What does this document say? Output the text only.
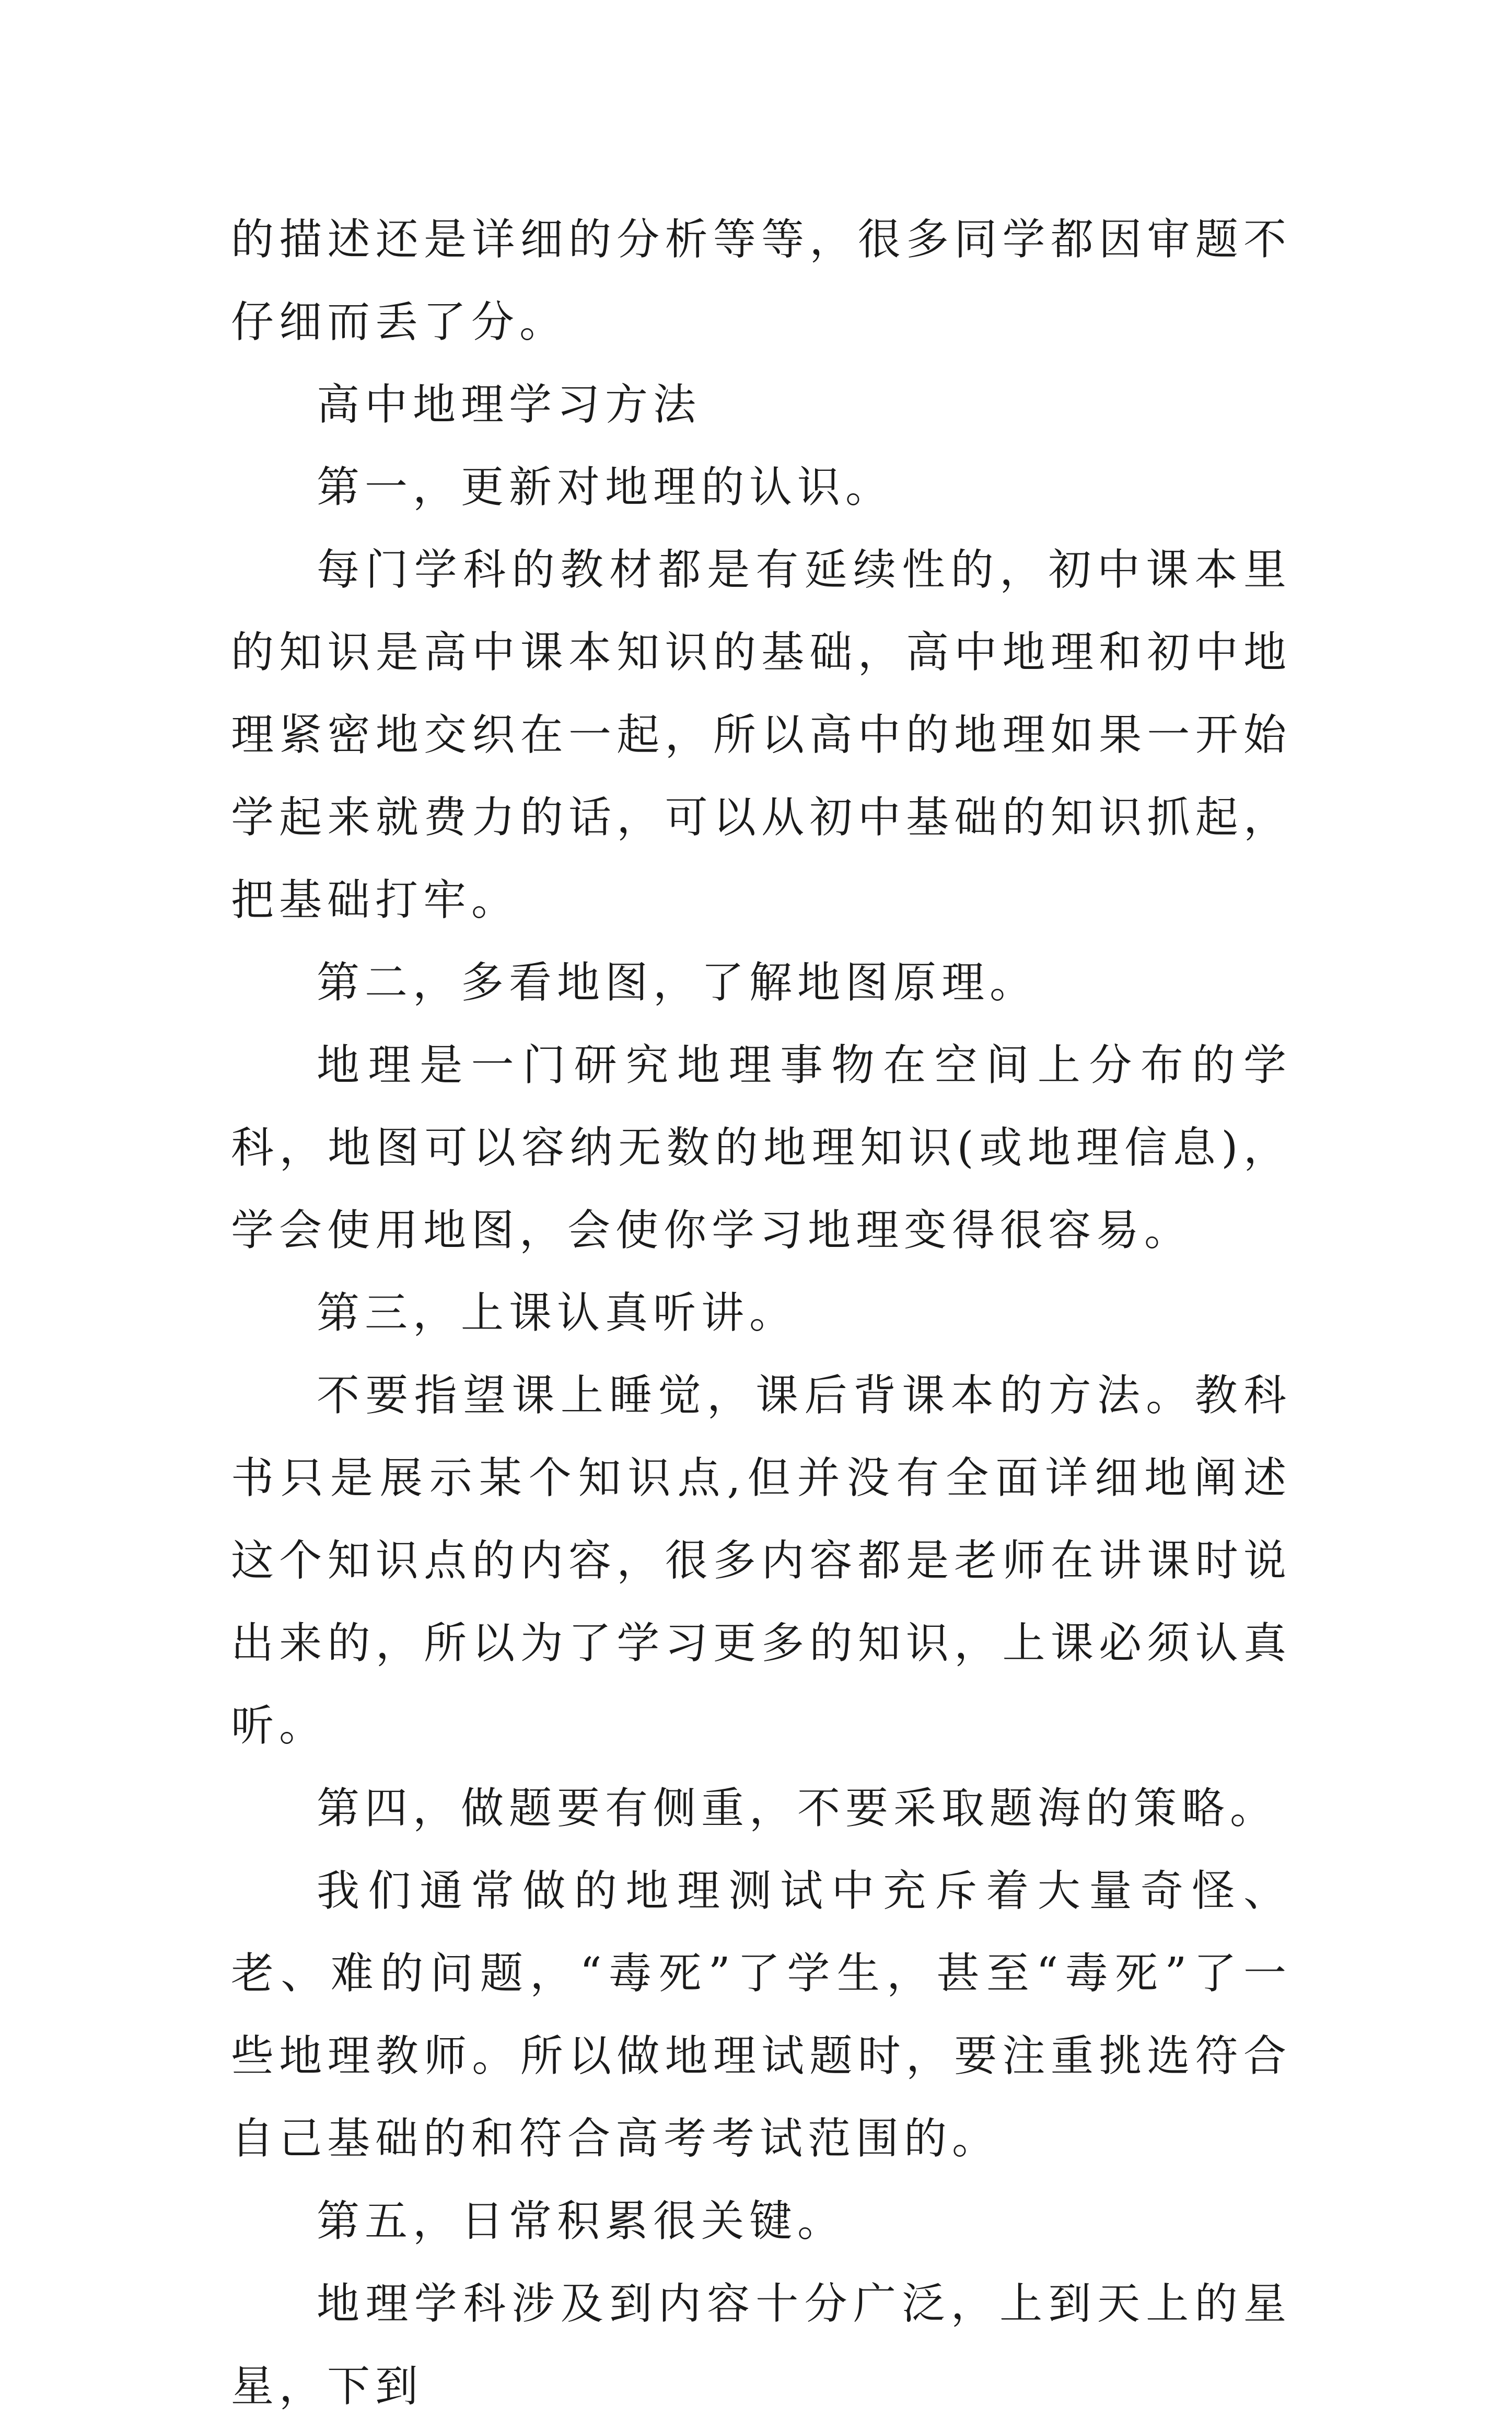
的描述还是详细的分析等等，很多同学都因审题不仔细而丢了分。

高中地理学习方法

第一，更新对地理的认识。

每门学科的教材都是有延续性的，初中课本里的知识是高中课本知识的基础，高中地理和初中地理紧密地交织在一起，所以高中的地理如果一开始学起来就费力的话，可以从初中基础的知识抓起，把基础打牢。

第二，多看地图，了解地图原理。

地理是一门研究地理事物在空间上分布的学科，地图可以容纳无数的地理知识(或地理信息)，学会使用地图，会使你学习地理变得很容易。

第三，上课认真听讲。

不要指望课上睡觉，课后背课本的方法。教科书只是展示某个知识点,但并没有全面详细地阐述这个知识点的内容，很多内容都是老师在讲课时说出来的，所以为了学习更多的知识，上课必须认真听。

第四，做题要有侧重，不要采取题海的策略。

我们通常做的地理测试中充斥着大量奇怪、老、难的问题，“毒死”了学生，甚至“毒死”了一些地理教师。所以做地理试题时，要注重挑选符合自己基础的和符合高考考试范围的。

第五，日常积累很关键。

地理学科涉及到内容十分广泛，上到天上的星星，下到
